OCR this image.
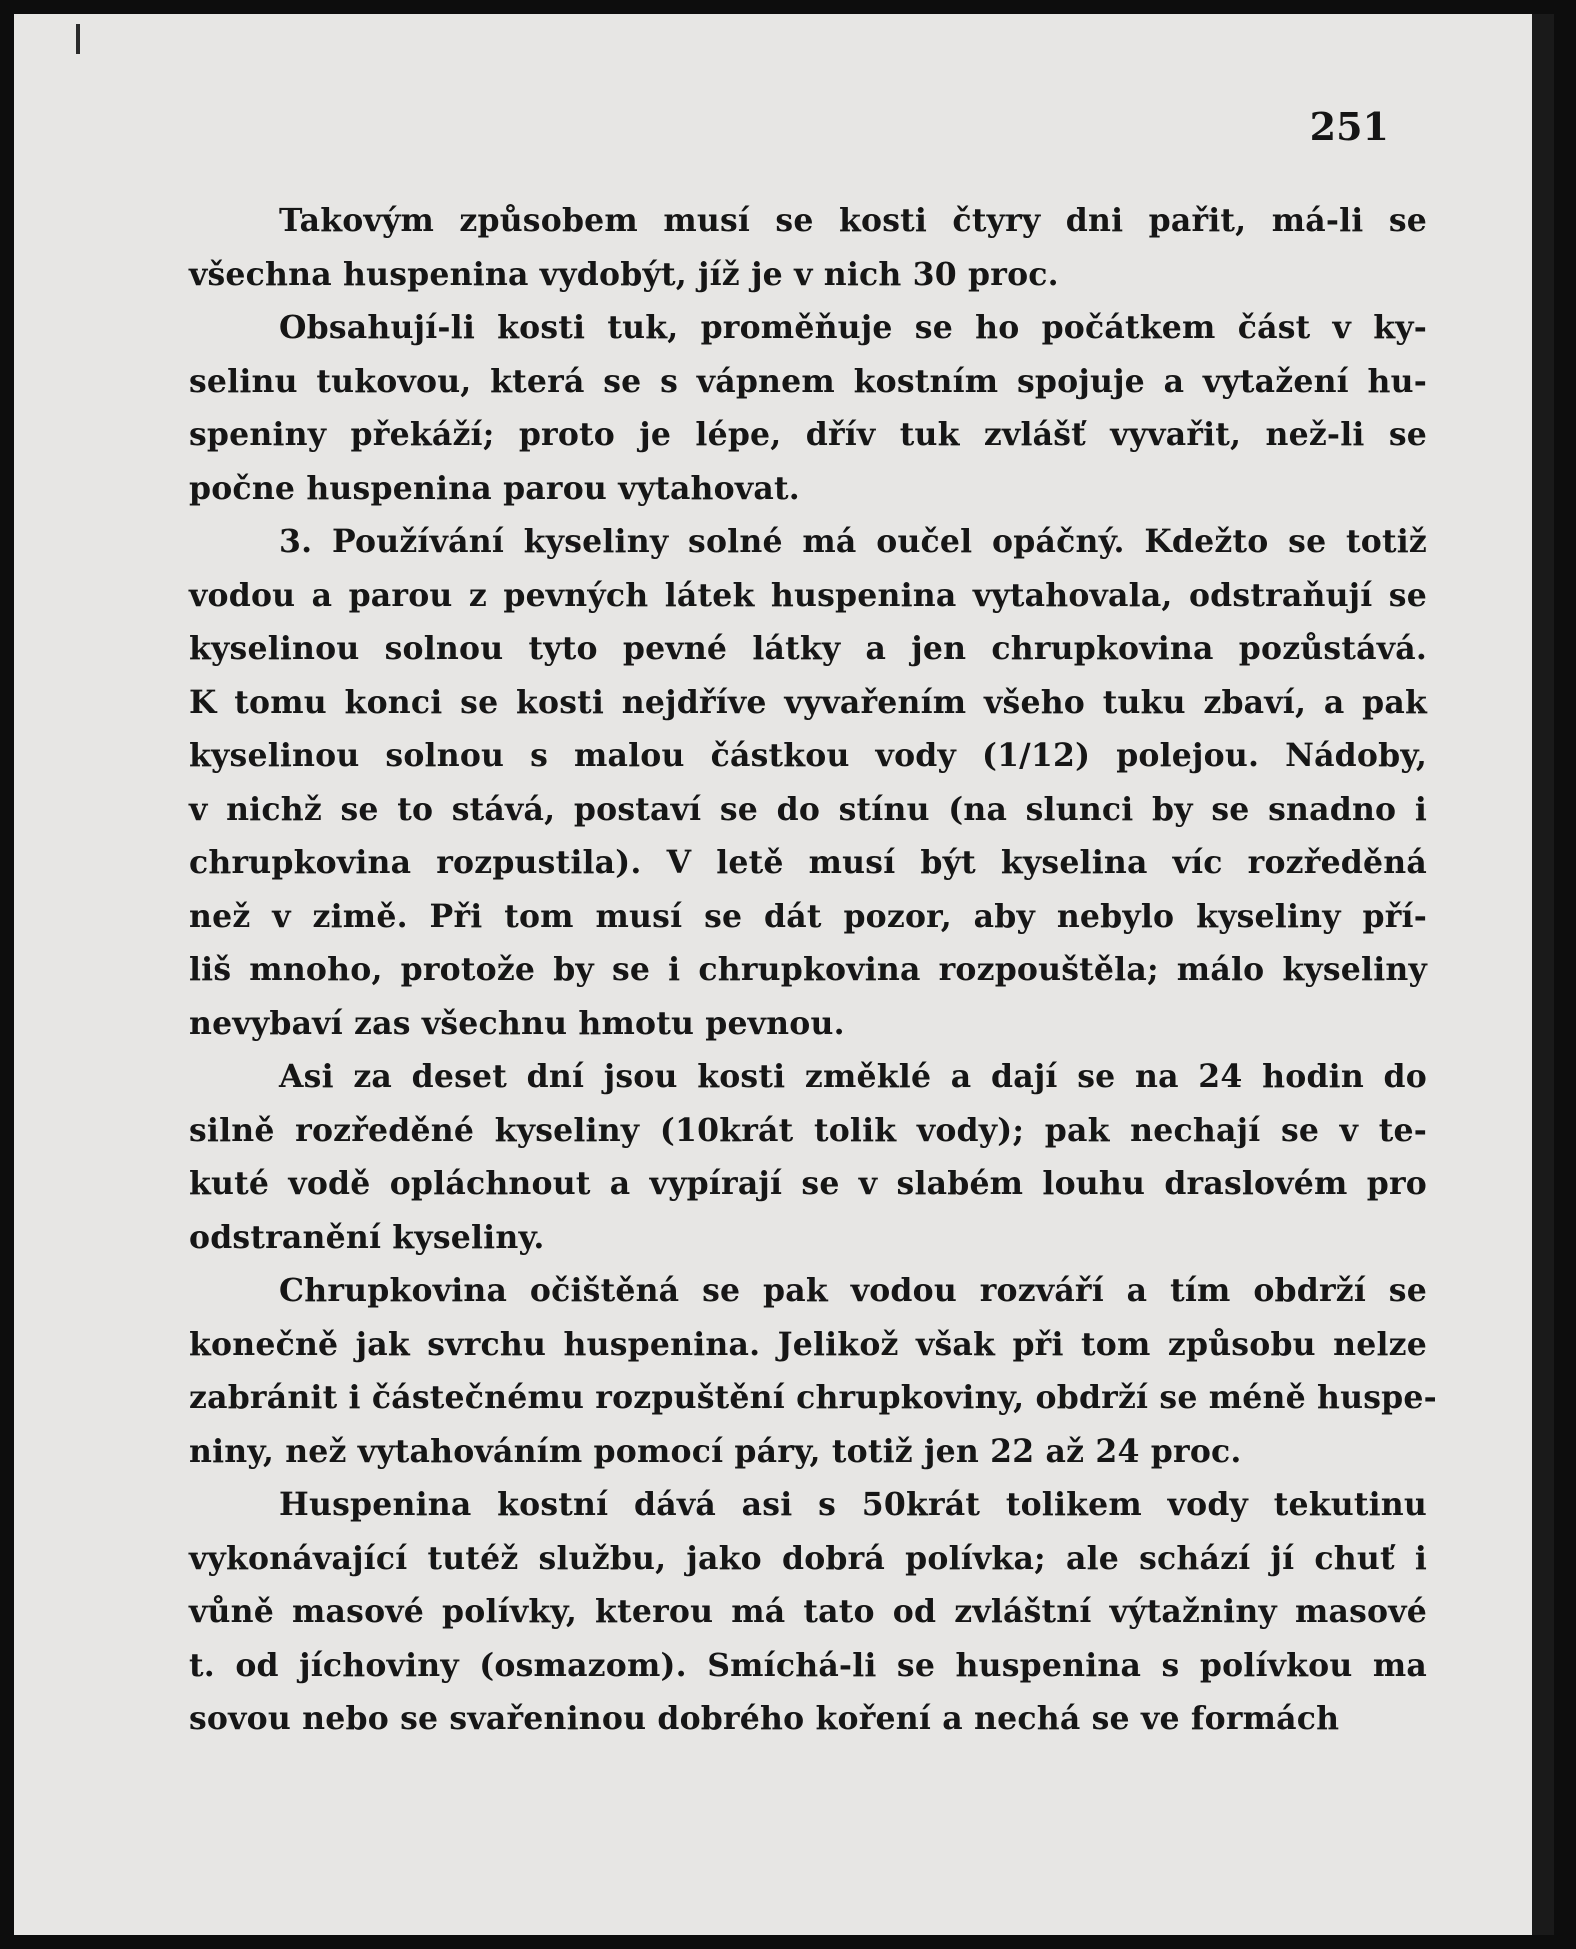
251

Takovým způsobem musí se kosti čtyry dni pařit, má-li se
všechna huspenina vydobýt, jíž je v nich 30 proc.
Obsahují-li kosti tuk, proměňuje se ho počátkem část v ky-
selinu tukovou, která se s vápnem kostním spojuje a vytažení hu-
speniny překáží; proto je lépe, dřív tuk zvlášť vyvařit, než-li se
počne huspenina parou vytahovat.
3. Používání kyseliny solné má oučel opáčný. Kdežto se totiž
vodou a parou z pevných látek huspenina vytahovala, odstraňují se
kyselinou solnou tyto pevné látky a jen chrupkovina pozůstává.
K tomu konci se kosti nejdříve vyvařením všeho tuku zbaví, a pak
kyselinou solnou s malou částkou vody (1/12) polejou. Nádoby,
v nichž se to stává, postaví se do stínu (na slunci by se snadno i
chrupkovina rozpustila). V letě musí být kyselina víc rozředěná
než v zimě. Při tom musí se dát pozor, aby nebylo kyseliny pří-
liš mnoho, protože by se i chrupkovina rozpouštěla; málo kyseliny
nevybaví zas všechnu hmotu pevnou.
Asi za deset dní jsou kosti změklé a dají se na 24 hodin do
silně rozředěné kyseliny (10krát tolik vody); pak nechají se v te-
kuté vodě opláchnout a vypírají se v slabém louhu draslovém pro
odstranění kyseliny.
Chrupkovina očištěná se pak vodou rozváří a tím obdrží se
konečně jak svrchu huspenina. Jelikož však při tom způsobu nelze
zabránit i částečnému rozpuštění chrupkoviny, obdrží se méně huspe-
niny, než vytahováním pomocí páry, totiž jen 22 až 24 proc.
Huspenina kostní dává asi s 50krát tolikem vody tekutinu
vykonávající tutéž službu, jako dobrá polívka; ale schází jí chuť i
vůně masové polívky, kterou má tato od zvláštní výtažniny masové
t. od jíchoviny (osmazom). Smíchá-li se huspenina s polívkou ma
sovou nebo se svařeninou dobrého koření a nechá se ve formách
